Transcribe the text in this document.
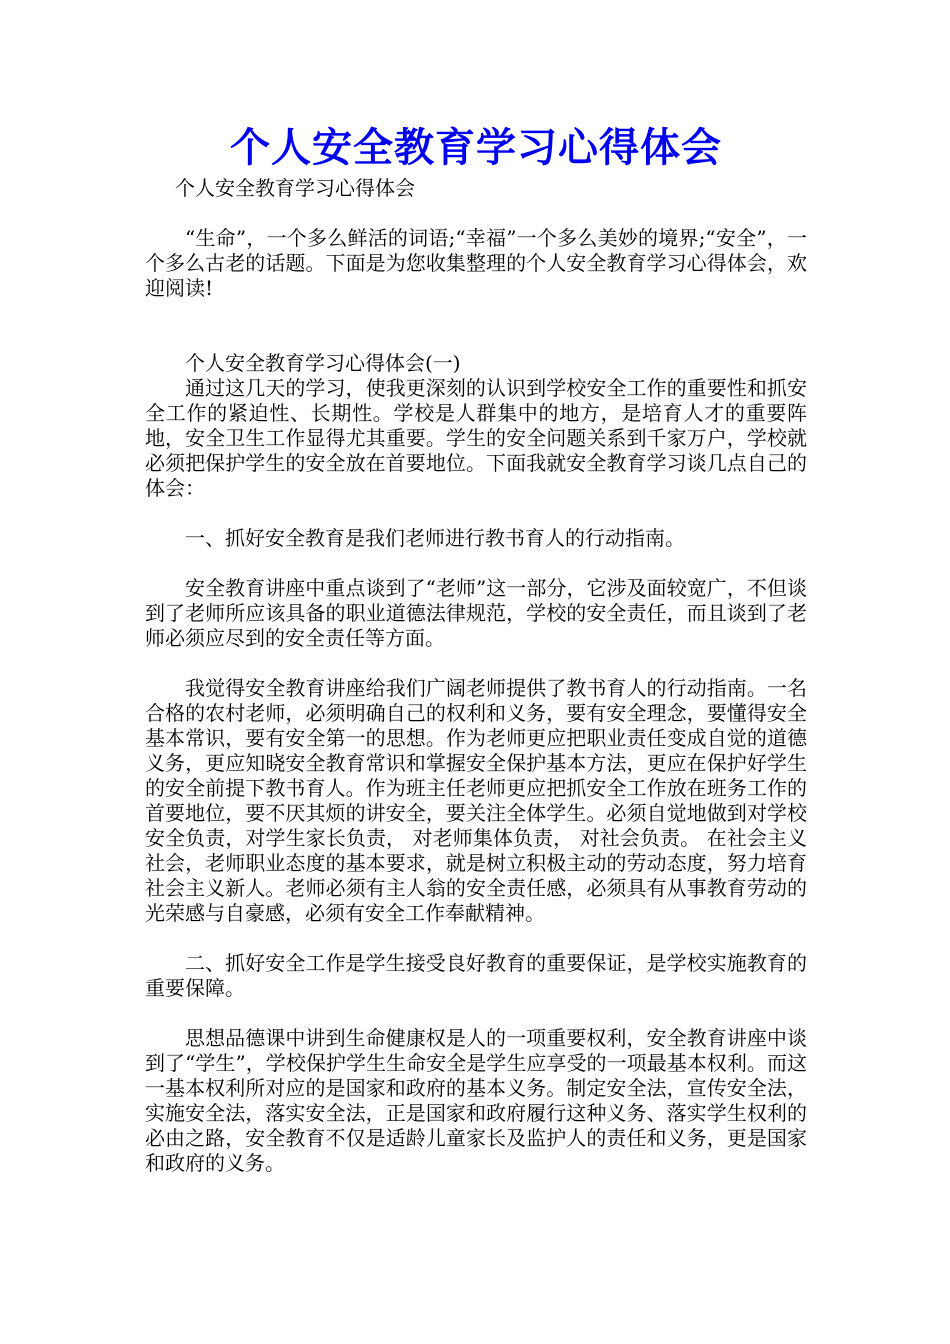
个人安全教育学习心得体会
个人安全教育学习心得体会

“生命”，一个多么鲜活的词语;“幸福”一个多么美妙的境界;“安全”，一个多么古老的话题。下面是为您收集整理的个人安全教育学习心得体会，欢迎阅读!

个人安全教育学习心得体会(一)

通过这几天的学习，使我更深刻的认识到学校安全工作的重要性和抓安全工作的紧迫性、长期性。学校是人群集中的地方，是培育人才的重要阵地，安全卫生工作显得尤其重要。学生的安全问题关系到千家万户，学校就必须把保护学生的安全放在首要地位。下面我就安全教育学习谈几点自己的体会：

一、抓好安全教育是我们老师进行教书育人的行动指南。

安全教育讲座中重点谈到了“老师”这一部分，它涉及面较宽广，不但谈到了老师所应该具备的职业道德法律规范，学校的安全责任，而且谈到了老师必须应尽到的安全责任等方面。

我觉得安全教育讲座给我们广阔老师提供了教书育人的行动指南。一名合格的农村老师，必须明确自己的权利和义务，要有安全理念，要懂得安全基本常识，要有安全第一的思想。作为老师更应把职业责任变成自觉的道德义务，更应知晓安全教育常识和掌握安全保护基本方法，更应在保护好学生的安全前提下教书育人。作为班主任老师更应把抓安全工作放在班务工作的首要地位，要不厌其烦的讲安全，要关注全体学生。必须自觉地做到对学校安全负责，对学生家长负责， 对老师集体负责， 对社会负责。 在社会主义社会，老师职业态度的基本要求，就是树立积极主动的劳动态度，努力培育社会主义新人。老师必须有主人翁的安全责任感，必须具有从事教育劳动的光荣感与自豪感，必须有安全工作奉献精神。

二、抓好安全工作是学生接受良好教育的重要保证，是学校实施教育的重要保障。

思想品德课中讲到生命健康权是人的一项重要权利，安全教育讲座中谈到了“学生”，学校保护学生生命安全是学生应享受的一项最基本权利。而这一基本权利所对应的是国家和政府的基本义务。制定安全法，宣传安全法，实施安全法，落实安全法，正是国家和政府履行这种义务、落实学生权利的必由之路，安全教育不仅是适龄儿童家长及监护人的责任和义务，更是国家和政府的义务。
